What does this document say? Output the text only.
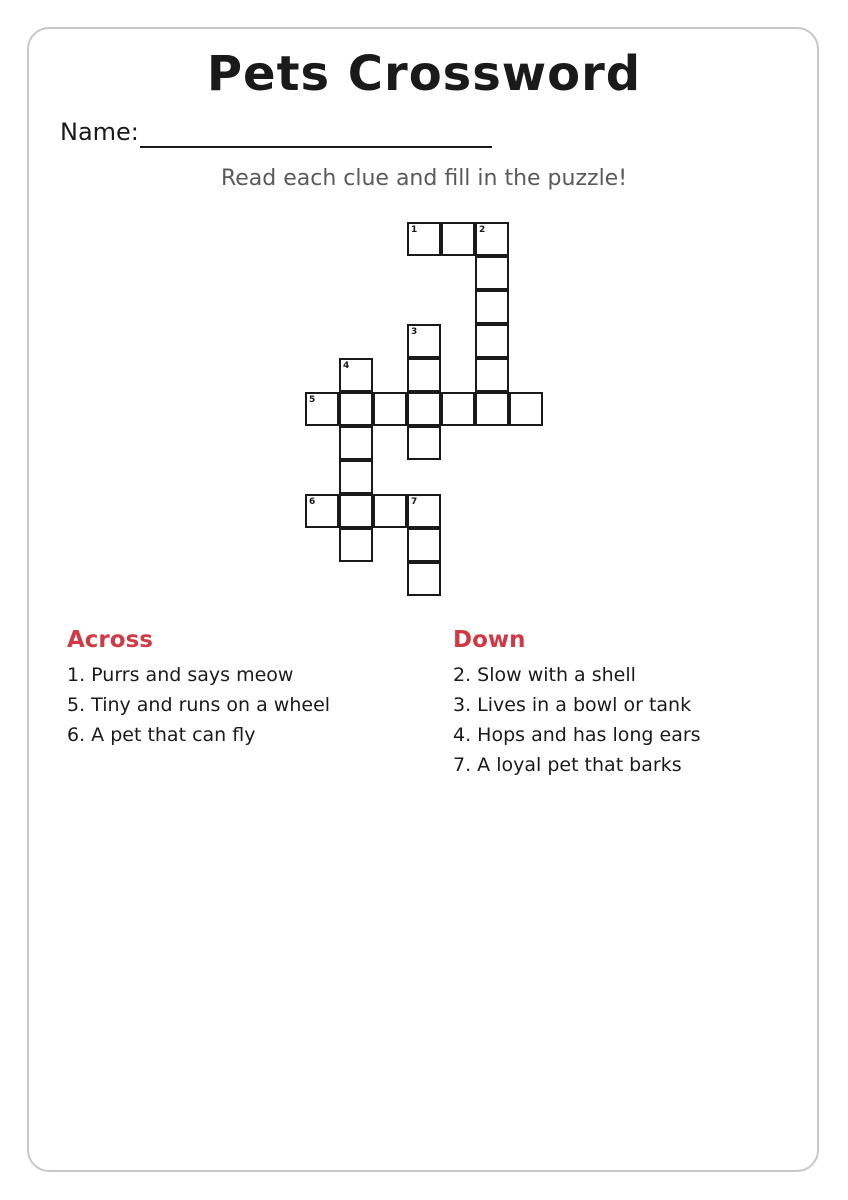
Pets Crossword
Name:
Read each clue and fill in the puzzle!
1	2
3
4
5
6	7
Across
1. Purrs and says meow
5. Tiny and runs on a wheel
6. A pet that can fly
Down
2. Slow with a shell
3. Lives in a bowl or tank
4. Hops and has long ears
7. A loyal pet that barks
